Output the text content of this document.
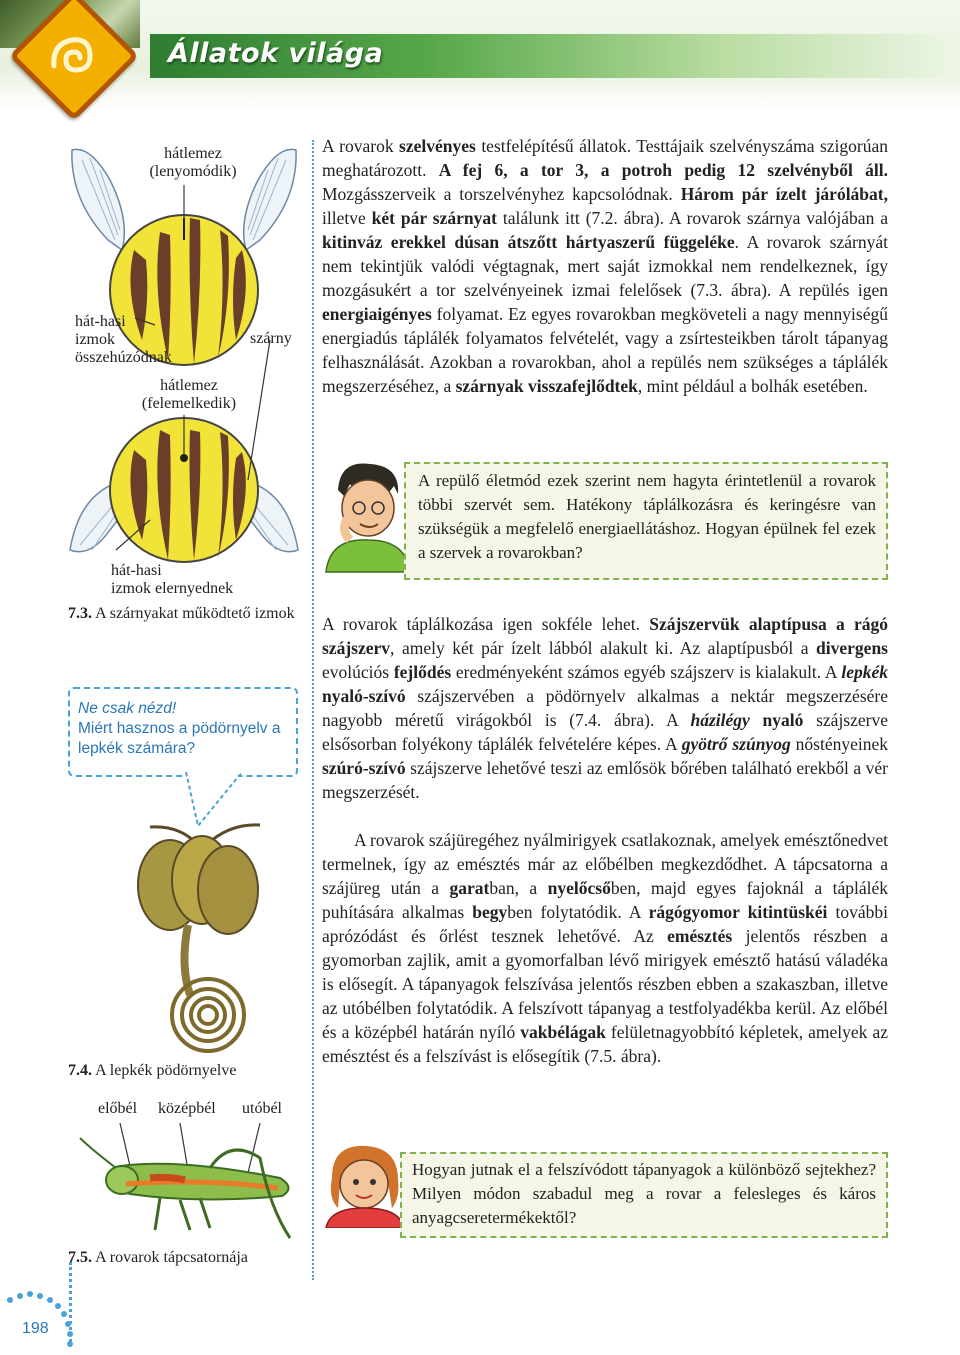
Állatok világa
hátlemez
(lenyomódik)
hát-hasi
izmok
összehúzódnak
szárny
hátlemez
(felemelkedik)
hát-hasi
izmok elernyednek
7.3. A szárnyakat működtető izmok

Ne csak nézd!

Miért hasznos a pödörnyelv a lepkék számára?

7.4. A lepkék pödörnyelve
előbél középbél utóbél
7.5. A rovarok tápcsatornája
198
A rovarok szelvényes testfelépítésű állatok. Testtájaik szelvényszáma szigorúan meghatározott. A fej 6, a tor 3, a potroh pedig 12 szelvényből áll. Mozgásszerveik a torszelvényhez kapcsolódnak. Három pár ízelt járólábat, illetve két pár szárnyat találunk itt (7.2. ábra). A rovarok szárnya valójában a kitinváz erekkel dúsan átszőtt hártyaszerű függeléke. A rovarok szárnyát nem tekintjük valódi végtagnak, mert saját izmokkal nem rendelkeznek, így mozgásukért a tor szelvényeinek izmai felelősek (7.3. ábra). A repülés igen energiaigényes folyamat. Ez egyes rovarokban megköveteli a nagy mennyiségű energiadús táplálék folyamatos felvételét, vagy a zsírtesteikben tárolt tápanyag felhasználását. Azokban a rovarokban, ahol a repülés nem szükséges a táplálék megszerzéséhez, a szárnyak visszafejlődtek, mint például a bolhák esetében.

A repülő életmód ezek szerint nem hagyta érintetlenül a rovarok többi szervét sem. Hatékony táplálkozásra és keringésre van szükségük a megfelelő energiaellátáshoz. Hogyan épülnek fel ezek a szervek a rovarokban?

A rovarok táplálkozása igen sokféle lehet. Szájszervük alaptípusa a rágó szájszerv, amely két pár ízelt lábból alakult ki. Az alaptípusból a divergens evolúciós fejlődés eredményeként számos egyéb szájszerv is kialakult. A lepkék nyaló-szívó szájszervében a pödörnyelv alkalmas a nektár megszerzésére nagyobb méretű virágokból is (7.4. ábra). A házilégy nyaló szájszerve elsősorban folyékony táplálék felvételére képes. A gyötrő szúnyog nőstényeinek szúró-szívó szájszerve lehetővé teszi az emlősök bőrében található erekből a vér megszerzését.
A rovarok szájüregéhez nyálmirigyek csatlakoznak, amelyek emésztőnedvet termelnek, így az emésztés már az előbélben megkezdődhet. A tápcsatorna a szájüreg után a garatban, a nyelőcsőben, majd egyes fajoknál a táplálék puhítására alkalmas begyben folytatódik. A rágógyomor kitintüskéi további aprózódást és őrlést tesznek lehetővé. Az emésztés jelentős részben a gyomorban zajlik, amit a gyomorfalban lévő mirigyek emésztő hatású váladéka is elősegít. A tápanyagok felszívása jelentős részben ebben a szakaszban, illetve az utóbélben folytatódik. A felszívott tápanyag a testfolyadékba kerül. Az előbél és a középbél határán nyíló vakbélágak felületnagyobbító képletek, amelyek az emésztést és a felszívást is elősegítik (7.5. ábra).

Hogyan jutnak el a felszívódott tápanyagok a különböző sejtekhez? Milyen módon szabadul meg a rovar a felesleges és káros anyagcseretermékektől?
